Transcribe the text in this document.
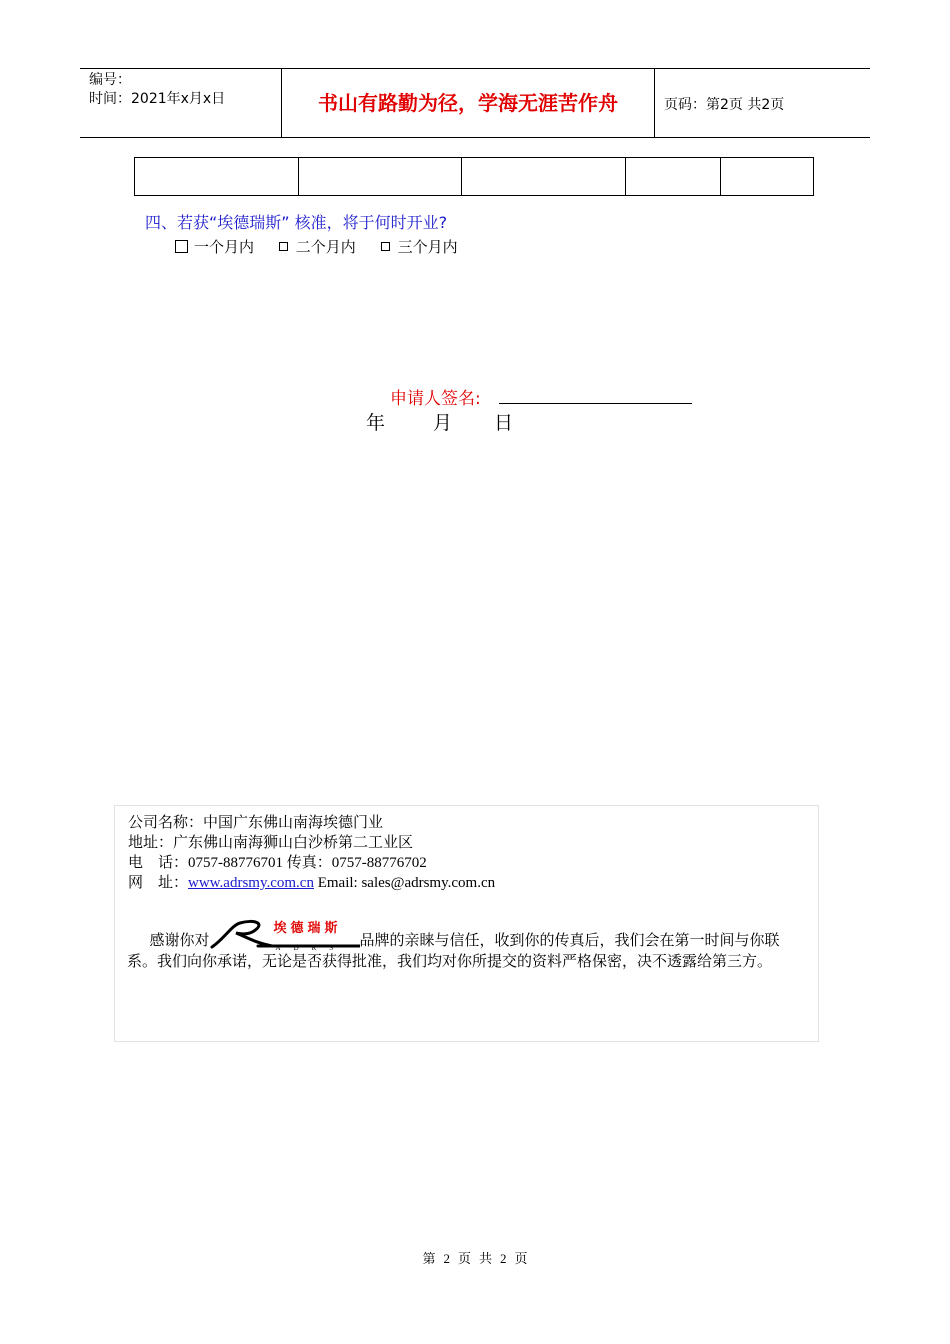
编号：
时间：2021年x月x日	书山有路勤为径，学海无涯苦作舟	页码：第2页 共2页
四、若获“埃德瑞斯” 核准，将于何时开业?
一个月内	二个月内	三个月内
申请人签名:
年	月 日
公司名称：中国广东佛山南海埃德门业
地址：广东佛山南海狮山白沙桥第二工业区
电    话：0757-88776701 传真：0757-88776702
网    址：www.adrsmy.com.cn Email: sales@adrsmy.com.cn
  感谢你对
埃德瑞斯
ADRS 品牌的亲睐与信任，收到你的传真后，我们会在第一时间与你联系。我们向你承诺，无论是否获得批准，我们均对你所提交的资料严格保密，决不透露给第三方。
第 2 页 共 2 页
